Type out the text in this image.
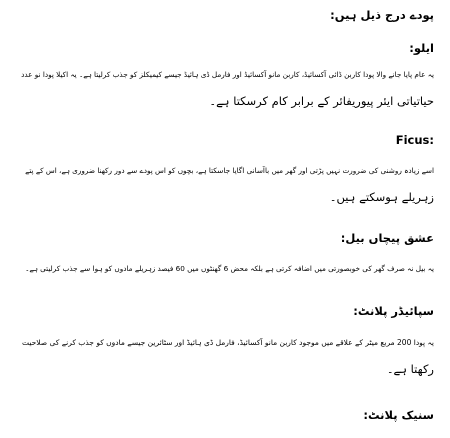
پودے درج ذیل ہیں:
ایلو:
یہ عام پایا جانے والا پودا کاربن ڈائی آکسائیڈ، کاربن مانو آکسائیڈ اور فارمل ڈی ہائیڈ جیسے کیمیکلز کو جذب کرلیتا ہے۔ یہ اکیلا پودا نو عدد
حیاتیاتی ایئر پیوریفائر کے برابر کام کرسکتا ہے۔
Ficus:
اسے زیادہ روشنی کی ضرورت نہیں پڑتی اور گھر میں باآسانی اگایا جاسکتا ہے، بچوں کو اس پودے سے دور رکھنا ضروری ہے، اس کے پتے
زہریلے ہوسکتے ہیں۔
عشق پیچاں بیل:
یہ بیل نہ صرف گھر کی خوبصورتی میں اضافہ کرتی ہے بلکہ محض 6 گھنٹوں میں 60 فیصد زہریلے مادوں کو ہوا سے جذب کرلیتی ہے۔
سپائیڈر پلانٹ:
یہ پودا 200 مربع میٹر کے علاقے میں موجود کاربن مانو آکسائیڈ، فارمل ڈی ہائیڈ اور سٹائرین جیسے مادوں کو جذب کرنے کی صلاحیت
رکھتا ہے۔
سنیک پلانٹ:
